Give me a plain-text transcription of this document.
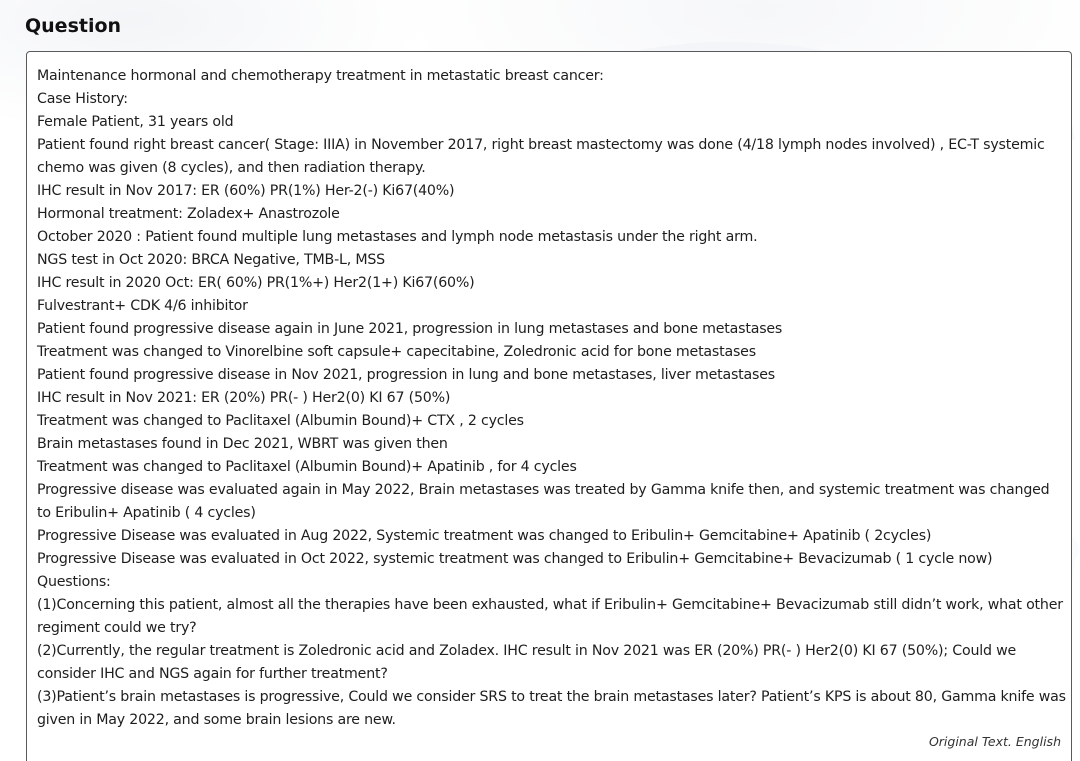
Question
Maintenance hormonal and chemotherapy treatment in metastatic breast cancer:
Case History:
Female Patient, 31 years old
Patient found right breast cancer( Stage: IIIA) in November 2017, right breast mastectomy was done (4/18 lymph nodes involved) , EC-T systemic chemo was given (8 cycles), and then radiation therapy.
IHC result in Nov 2017: ER (60%) PR(1%) Her-2(-) Ki67(40%)
Hormonal treatment: Zoladex+ Anastrozole
October 2020 : Patient found multiple lung metastases and lymph node metastasis under the right arm.
NGS test in Oct 2020: BRCA Negative, TMB-L, MSS
IHC result in 2020 Oct: ER( 60%) PR(1%+) Her2(1+) Ki67(60%)
Fulvestrant+ CDK 4/6 inhibitor
Patient found progressive disease again in June 2021, progression in lung metastases and bone metastases
Treatment was changed to Vinorelbine soft capsule+ capecitabine, Zoledronic acid for bone metastases
Patient found progressive disease in Nov 2021, progression in lung and bone metastases, liver metastases
IHC result in Nov 2021: ER (20%) PR(- ) Her2(0) KI 67 (50%)
Treatment was changed to Paclitaxel (Albumin Bound)+ CTX , 2 cycles
Brain metastases found in Dec 2021, WBRT was given then
Treatment was changed to Paclitaxel (Albumin Bound)+ Apatinib , for 4 cycles
Progressive disease was evaluated again in May 2022, Brain metastases was treated by Gamma knife then, and systemic treatment was changed to Eribulin+ Apatinib ( 4 cycles)
Progressive Disease was evaluated in Aug 2022, Systemic treatment was changed to Eribulin+ Gemcitabine+ Apatinib ( 2cycles)
Progressive Disease was evaluated in Oct 2022, systemic treatment was changed to Eribulin+ Gemcitabine+ Bevacizumab ( 1 cycle now)
Questions:
(1)Concerning this patient, almost all the therapies have been exhausted, what if Eribulin+ Gemcitabine+ Bevacizumab still didn’t work, what other regiment could we try?
(2)Currently, the regular treatment is Zoledronic acid and Zoladex. IHC result in Nov 2021 was ER (20%) PR(- ) Her2(0) KI 67 (50%); Could we consider IHC and NGS again for further treatment?
(3)Patient’s brain metastases is progressive, Could we consider SRS to treat the brain metastases later? Patient’s KPS is about 80, Gamma knife was given in May 2022, and some brain lesions are new.
Original Text. English
